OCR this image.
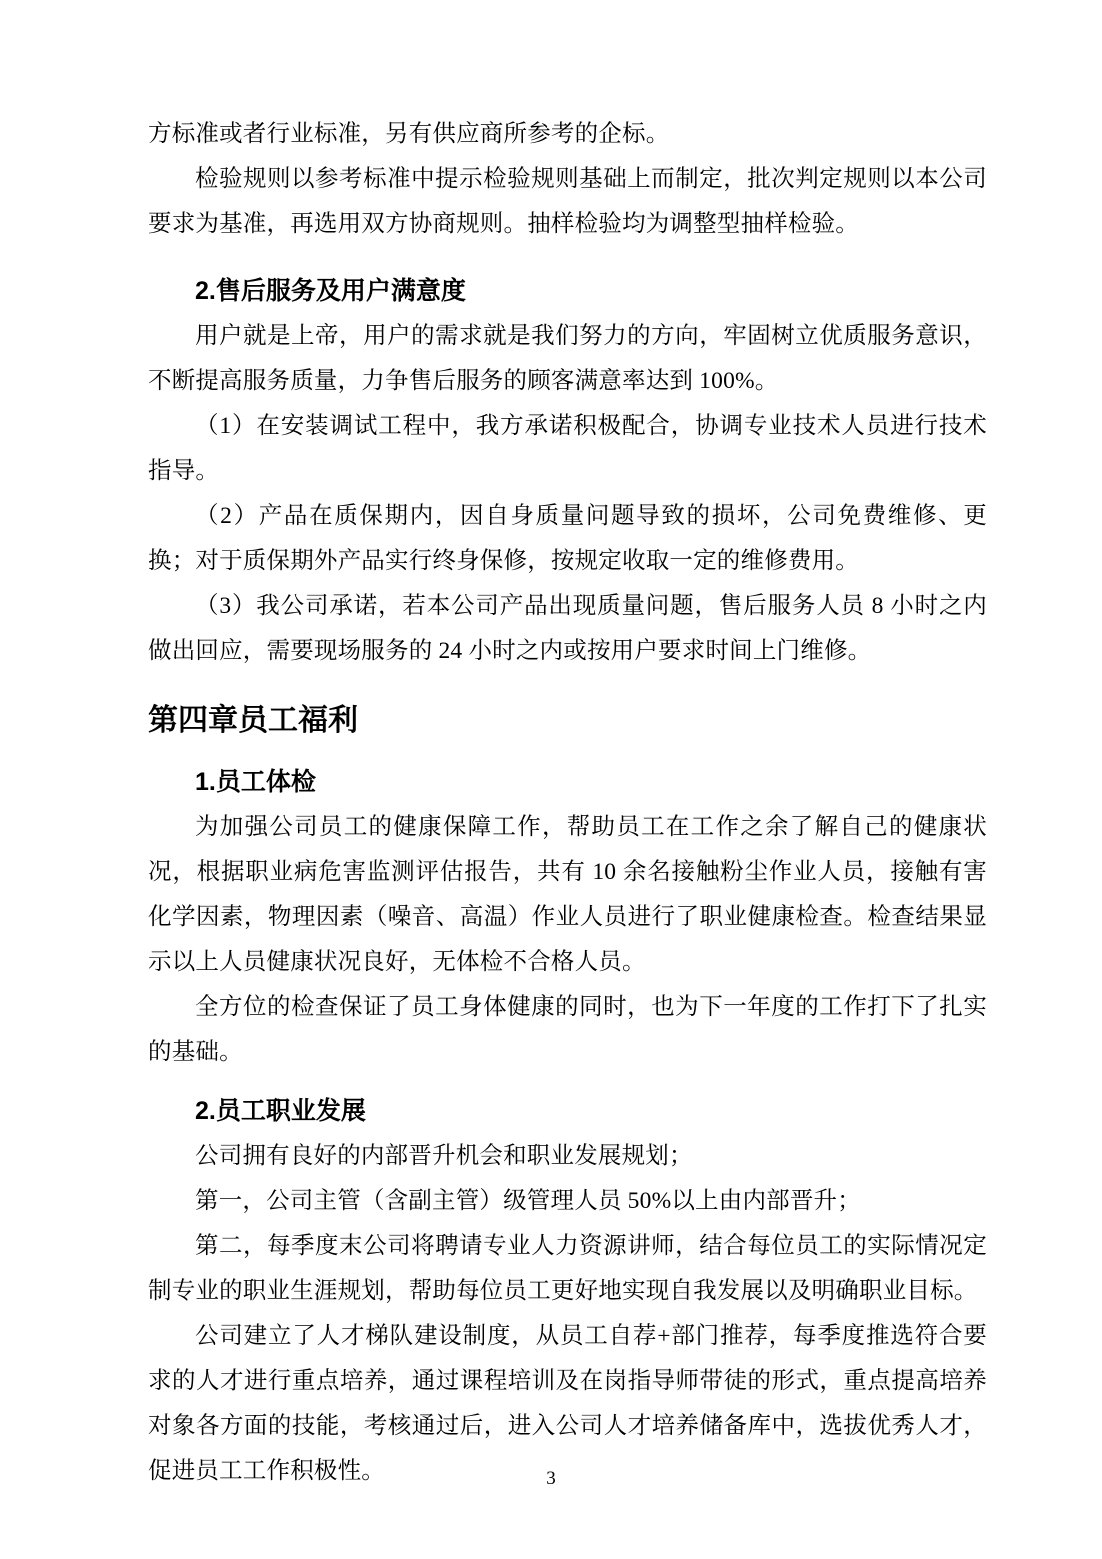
方标准或者行业标准，另有供应商所参考的企标。

检验规则以参考标准中提示检验规则基础上而制定，批次判定规则以本公司要求为基准，再选用双方协商规则。抽样检验均为调整型抽样检验。

2.售后服务及用户满意度

用户就是上帝，用户的需求就是我们努力的方向，牢固树立优质服务意识，不断提高服务质量，力争售后服务的顾客满意率达到 100%。

（1）在安装调试工程中，我方承诺积极配合，协调专业技术人员进行技术指导。

（2）产品在质保期内，因自身质量问题导致的损坏，公司免费维修、更换；对于质保期外产品实行终身保修，按规定收取一定的维修费用。

（3）我公司承诺，若本公司产品出现质量问题，售后服务人员 8 小时之内做出回应，需要现场服务的 24 小时之内或按用户要求时间上门维修。

第四章员工福利
1.员工体检

为加强公司员工的健康保障工作，帮助员工在工作之余了解自己的健康状况，根据职业病危害监测评估报告，共有 10 余名接触粉尘作业人员，接触有害化学因素，物理因素（噪音、高温）作业人员进行了职业健康检查。检查结果显示以上人员健康状况良好，无体检不合格人员。

全方位的检查保证了员工身体健康的同时，也为下一年度的工作打下了扎实的基础。

2.员工职业发展

公司拥有良好的内部晋升机会和职业发展规划；

第一，公司主管（含副主管）级管理人员 50%以上由内部晋升；

第二，每季度末公司将聘请专业人力资源讲师，结合每位员工的实际情况定制专业的职业生涯规划，帮助每位员工更好地实现自我发展以及明确职业目标。

公司建立了人才梯队建设制度，从员工自荐+部门推荐，每季度推选符合要求的人才进行重点培养，通过课程培训及在岗指导师带徒的形式，重点提高培养对象各方面的技能，考核通过后，进入公司人才培养储备库中，选拔优秀人才，促进员工工作积极性。	3
